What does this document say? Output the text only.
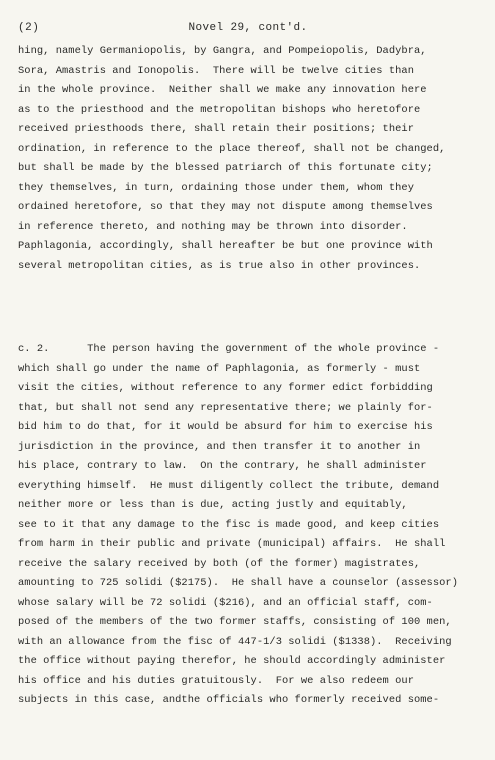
(2)	Novel 29, cont'd.
hing, namely Germaniopolis, by Gangra, and Pompeiopolis, Dadybra,
Sora, Amastris and Ionopolis.  There will be twelve cities than
in the whole province.  Neither shall we make any innovation here
as to the priesthood and the metropolitan bishops who heretofore
received priesthoods there, shall retain their positions; their
ordination, in reference to the place thereof, shall not be changed,
but shall be made by the blessed patriarch of this fortunate city;
they themselves, in turn, ordaining those under them, whom they
ordained heretofore, so that they may not dispute among themselves
in reference thereto, and nothing may be thrown into disorder.
Paphlagonia, accordingly, shall hereafter be but one province with
several metropolitan cities, as is true also in other provinces.
c. 2.      The person having the government of the whole province -
which shall go under the name of Paphlagonia, as formerly - must
visit the cities, without reference to any former edict forbidding
that, but shall not send any representative there; we plainly for-
bid him to do that, for it would be absurd for him to exercise his
jurisdiction in the province, and then transfer it to another in
his place, contrary to law.  On the contrary, he shall administer
everything himself.  He must diligently collect the tribute, demand
neither more or less than is due, acting justly and equitably,
see to it that any damage to the fisc is made good, and keep cities
from harm in their public and private (municipal) affairs.  He shall
receive the salary received by both (of the former) magistrates,
amounting to 725 solidi ($2175).  He shall have a counselor (assessor)
whose salary will be 72 solidi ($216), and an official staff, com-
posed of the members of the two former staffs, consisting of 100 men,
with an allowance from the fisc of 447-1/3 solidi ($1338).  Receiving
the office without paying therefor, he should accordingly administer
his office and his duties gratuitously.  For we also redeem our
subjects in this case, andthe officials who formerly received some-
